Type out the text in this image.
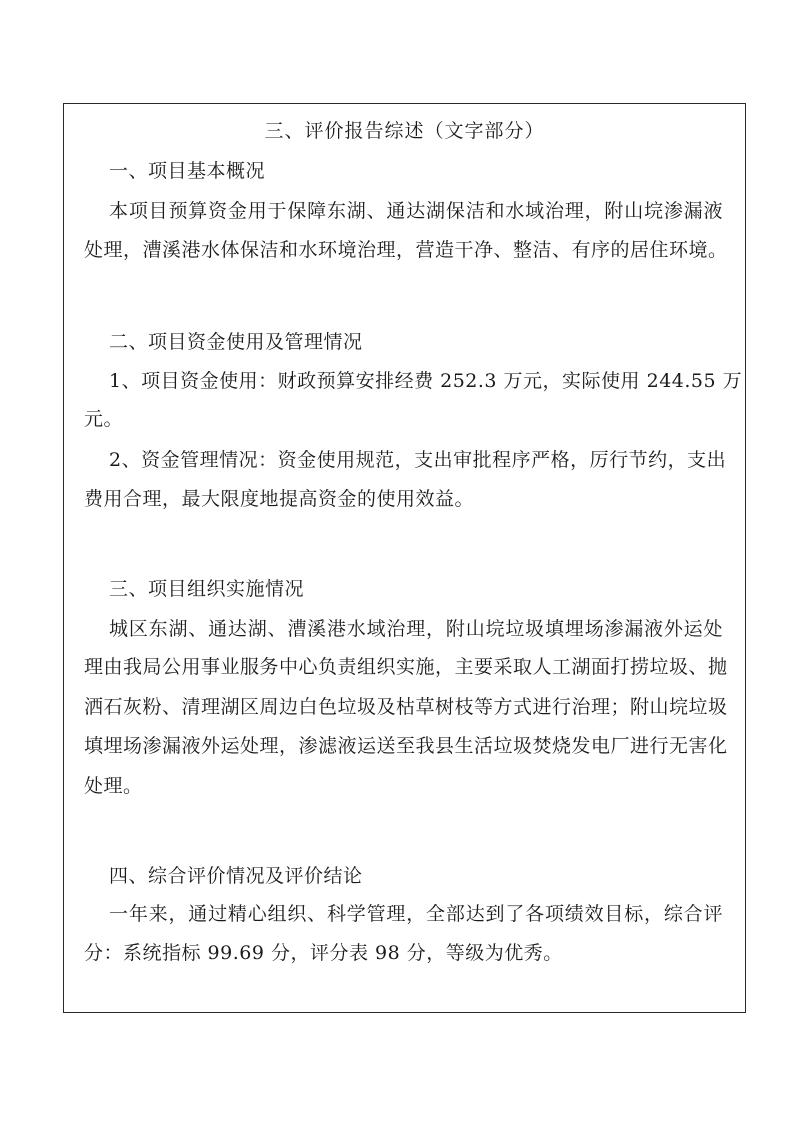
三、评价报告综述（文字部分）
一、项目基本概况
本项目预算资金用于保障东湖、通达湖保洁和水域治理，附山垸渗漏液
处理，漕溪港水体保洁和水环境治理，营造干净、整洁、有序的居住环境。
二、项目资金使用及管理情况
1、项目资金使用：财政预算安排经费 252.3 万元，实际使用 244.55 万
元。
2、资金管理情况：资金使用规范，支出审批程序严格，厉行节约，支出
费用合理，最大限度地提高资金的使用效益。
三、项目组织实施情况
城区东湖、通达湖、漕溪港水域治理，附山垸垃圾填埋场渗漏液外运处
理由我局公用事业服务中心负责组织实施，主要采取人工湖面打捞垃圾、抛
洒石灰粉、清理湖区周边白色垃圾及枯草树枝等方式进行治理；附山垸垃圾
填埋场渗漏液外运处理，渗滤液运送至我县生活垃圾焚烧发电厂进行无害化
处理。
四、综合评价情况及评价结论
一年来，通过精心组织、科学管理，全部达到了各项绩效目标，综合评
分：系统指标 99.69 分，评分表 98 分，等级为优秀。
